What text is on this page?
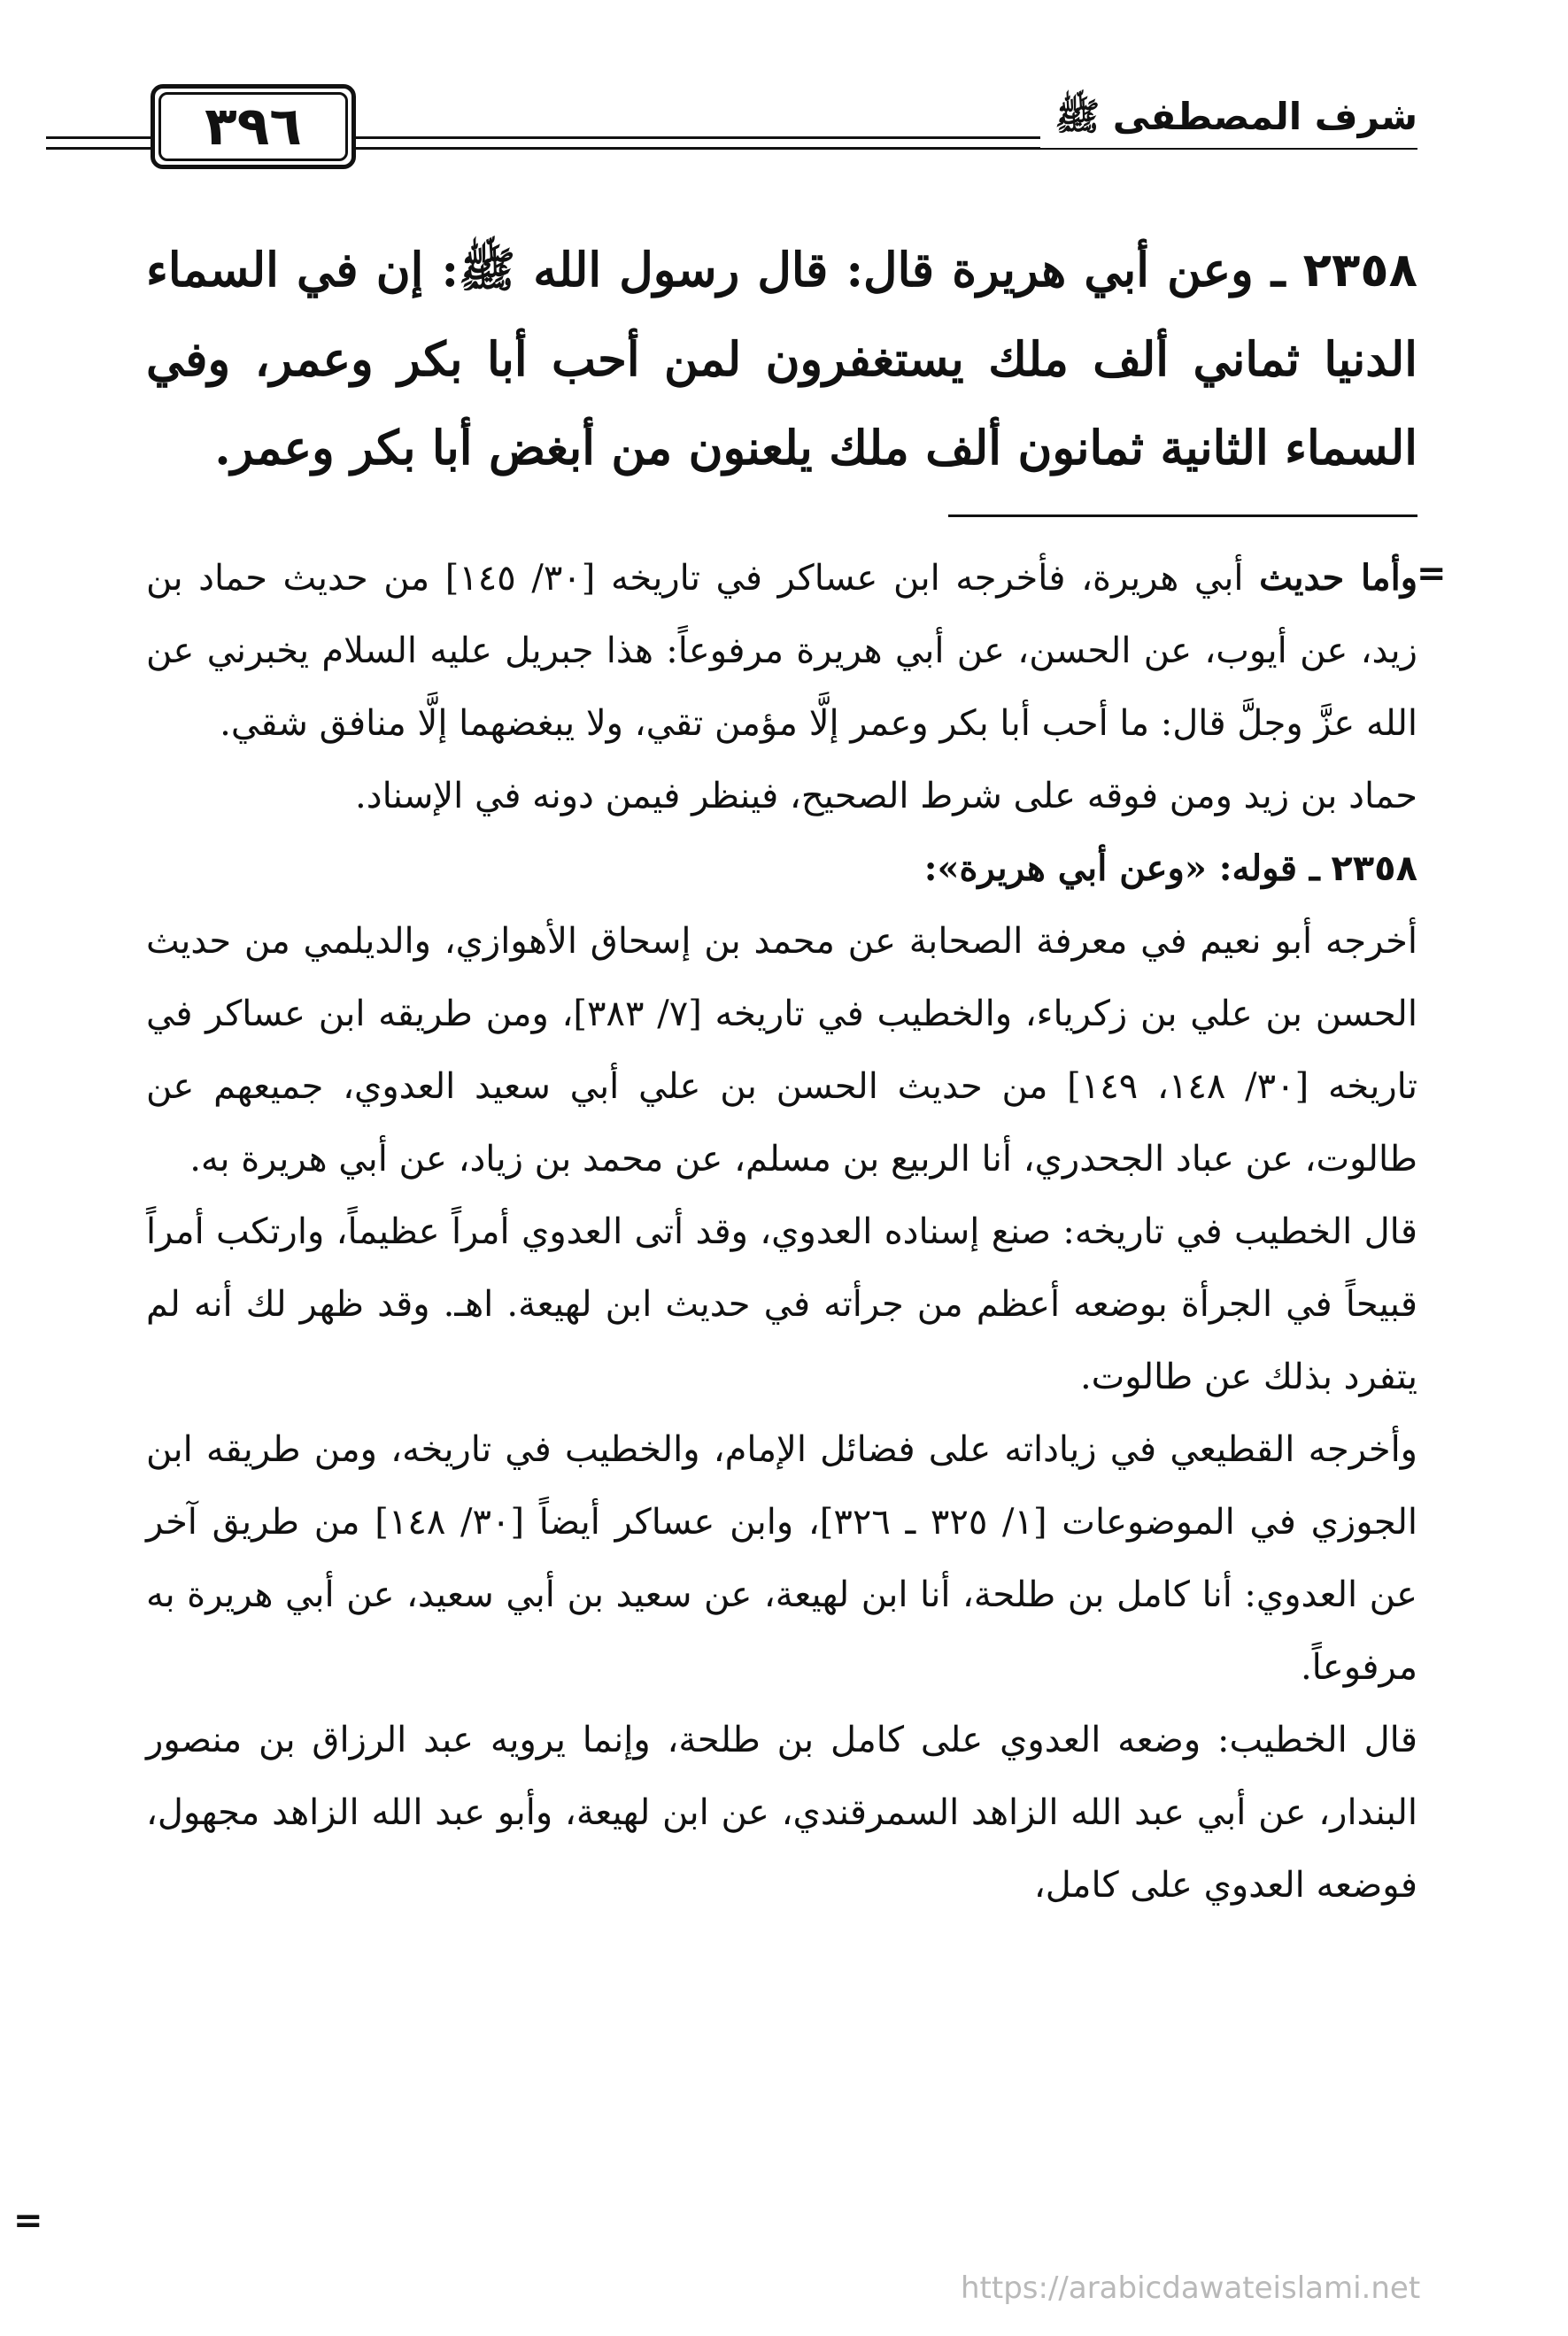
شرف المصطفى ﷺ
٣٩٦
٢٣٥٨ ـ وعن أبي هريرة قال: قال رسول الله ﷺ: إن في السماء الدنيا ثماني ألف ملك يستغفرون لمن أحب أبا بكر وعمر، وفي السماء الثانية ثمانون ألف ملك يلعنون من أبغض أبا بكر وعمر.
=

وأما حديث أبي هريرة، فأخرجه ابن عساكر في تاريخه [٣٠/ ١٤٥] من حديث حماد بن زيد، عن أيوب، عن الحسن، عن أبي هريرة مرفوعاً: هذا جبريل عليه السلام يخبرني عن الله عزَّ وجلَّ قال: ما أحب أبا بكر وعمر إلَّا مؤمن تقي، ولا يبغضهما إلَّا منافق شقي.

حماد بن زيد ومن فوقه على شرط الصحيح، فينظر فيمن دونه في الإسناد.

٢٣٥٨ ـ قوله: «وعن أبي هريرة»:

أخرجه أبو نعيم في معرفة الصحابة عن محمد بن إسحاق الأهوازي، والديلمي من حديث الحسن بن علي بن زكرياء، والخطيب في تاريخه [٧/ ٣٨٣]، ومن طريقه ابن عساكر في تاريخه [٣٠/ ١٤٨، ١٤٩] من حديث الحسن بن علي أبي سعيد العدوي، جميعهم عن طالوت، عن عباد الجحدري، أنا الربيع بن مسلم، عن محمد بن زياد، عن أبي هريرة به.

قال الخطيب في تاريخه: صنع إسناده العدوي، وقد أتى العدوي أمراً عظيماً، وارتكب أمراً قبيحاً في الجرأة بوضعه أعظم من جرأته في حديث ابن لهيعة. اهـ. وقد ظهر لك أنه لم يتفرد بذلك عن طالوت.

وأخرجه القطيعي في زياداته على فضائل الإمام، والخطيب في تاريخه، ومن طريقه ابن الجوزي في الموضوعات [١/ ٣٢٥ ـ ٣٢٦]، وابن عساكر أيضاً [٣٠/ ١٤٨] من طريق آخر عن العدوي: أنا كامل بن طلحة، أنا ابن لهيعة، عن سعيد بن أبي سعيد، عن أبي هريرة به مرفوعاً.

قال الخطيب: وضعه العدوي على كامل بن طلحة، وإنما يرويه عبد الرزاق بن منصور البندار، عن أبي عبد الله الزاهد السمرقندي، عن ابن لهيعة، وأبو عبد الله الزاهد مجهول، فوضعه العدوي على كامل،

=
https://arabicdawateislami.net
